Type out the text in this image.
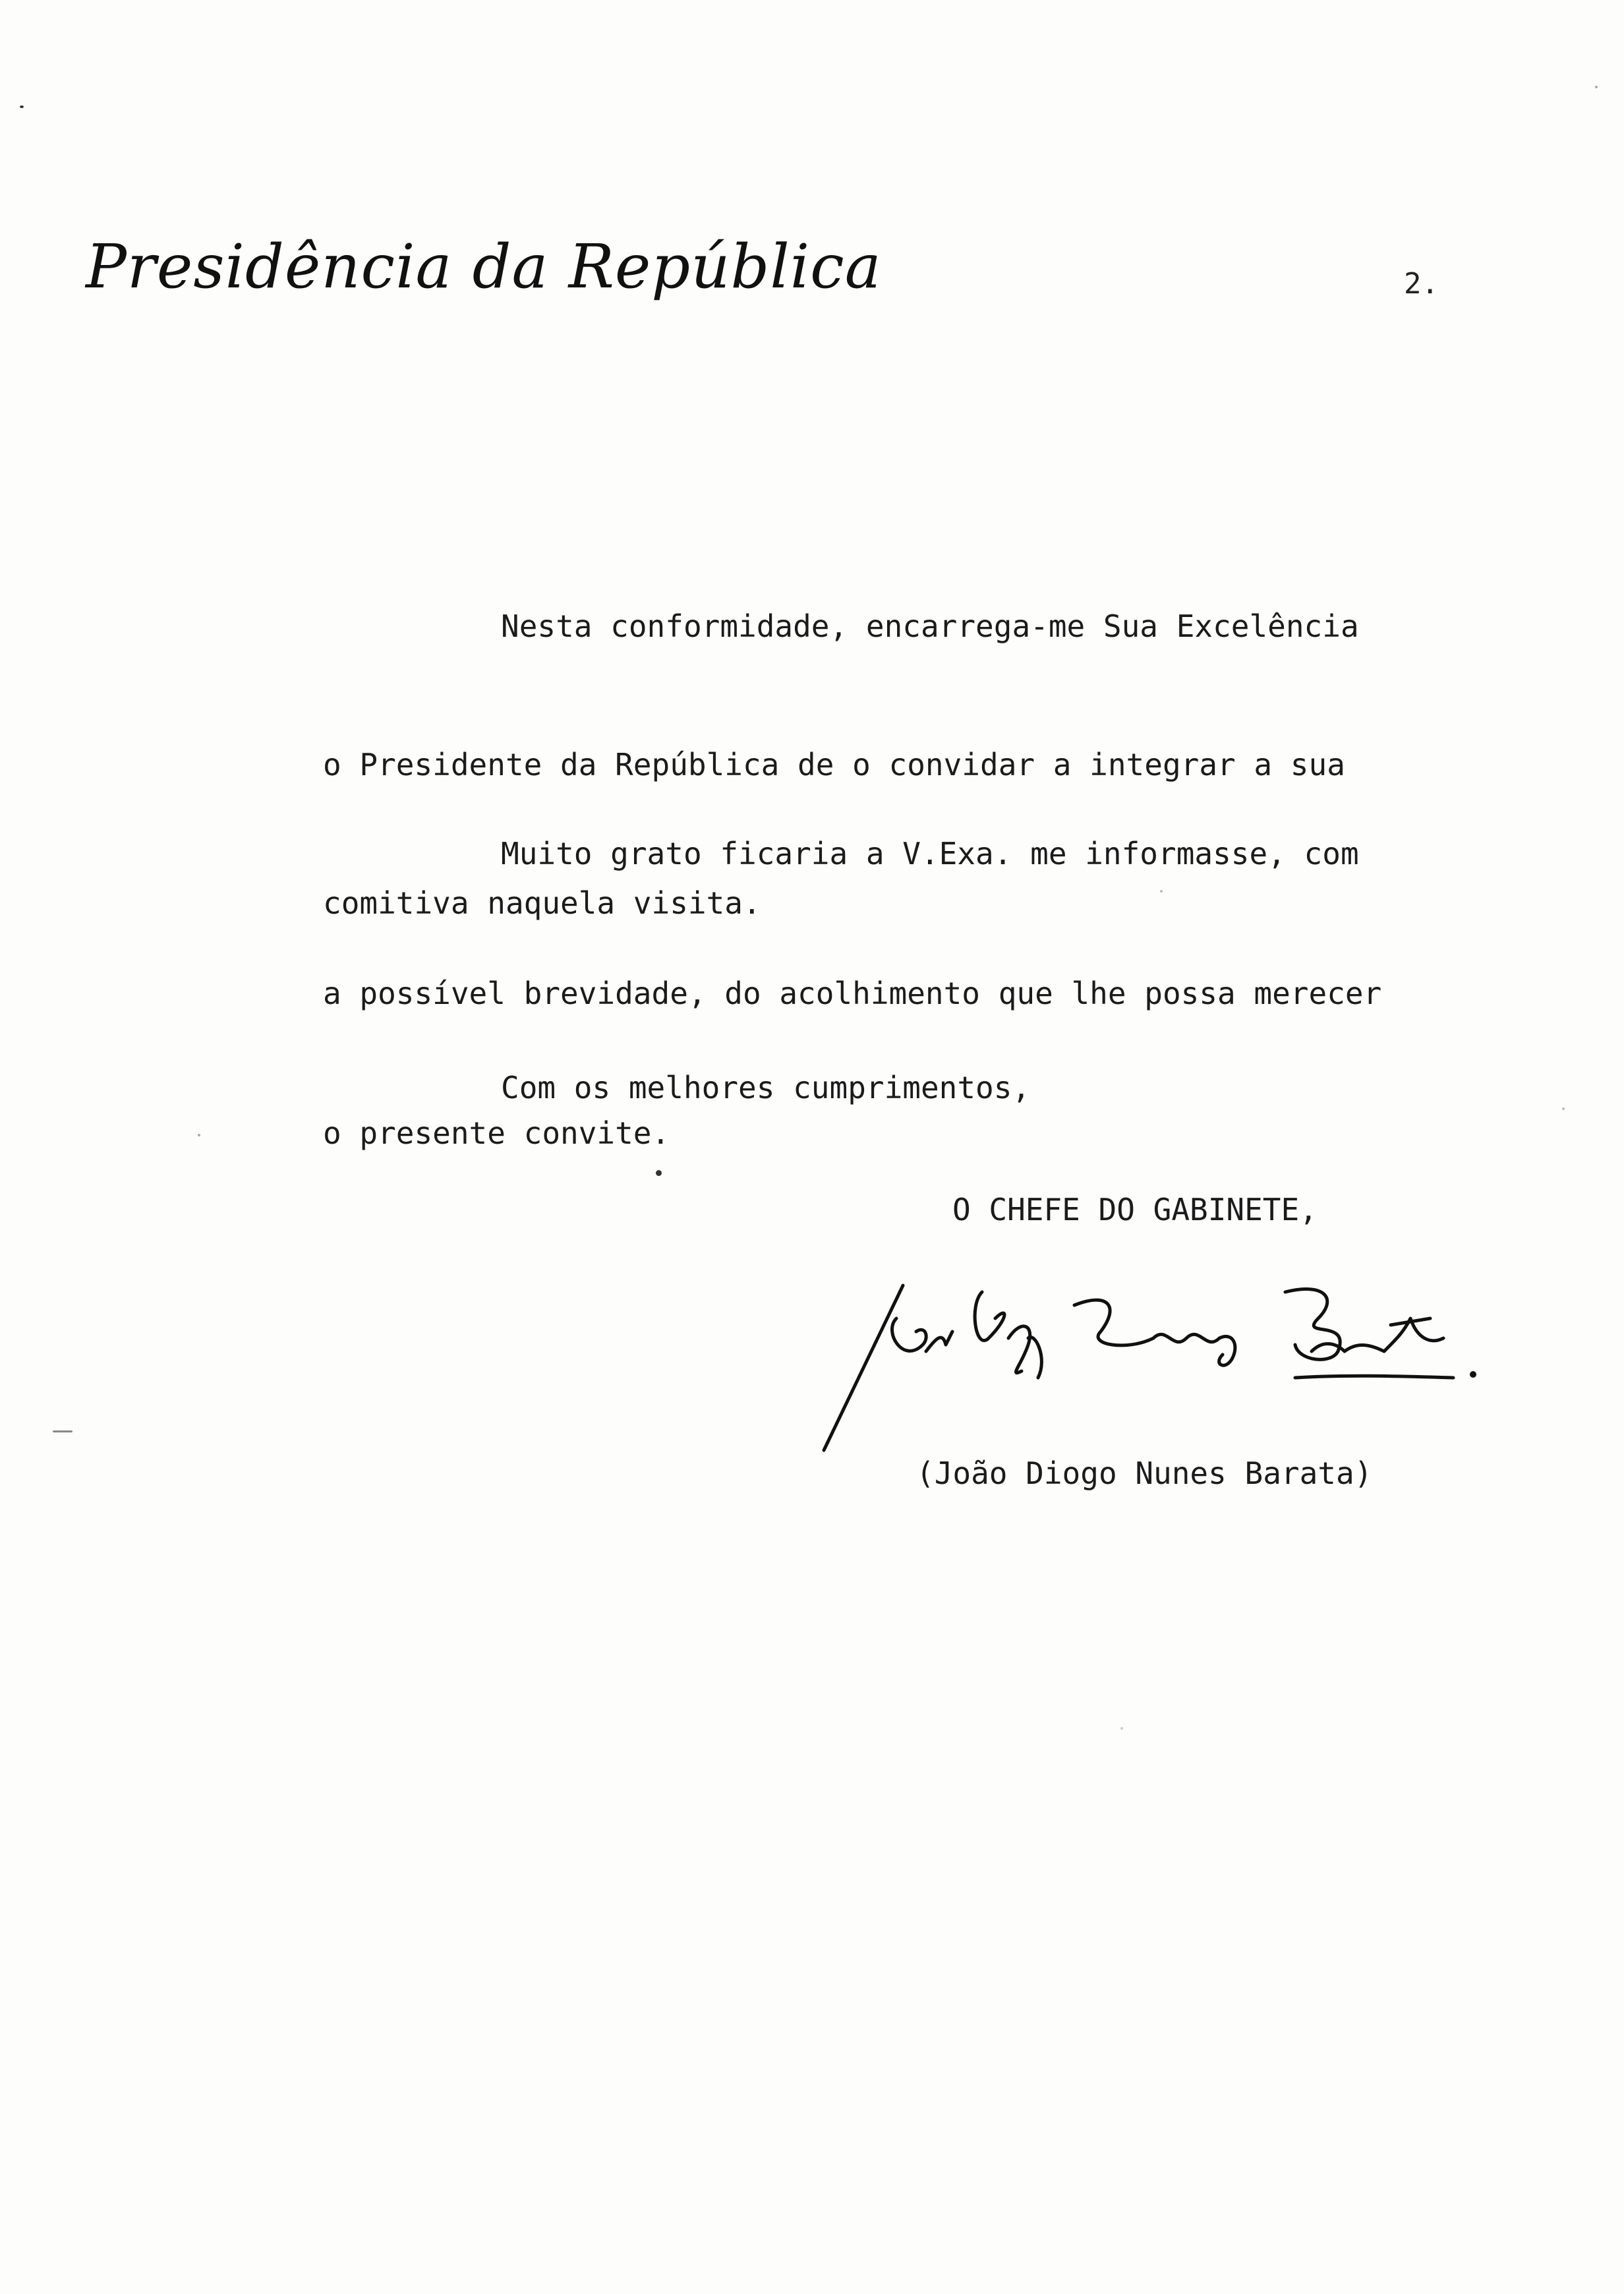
Presidência da República	2.

Nesta conformidade, encarrega-me Sua Excelência

o Presidente da República de o convidar a integrar a sua

comitiva naquela visita.

Muito grato ficaria a V.Exa. me informasse, com

a possível brevidade, do acolhimento que lhe possa merecer

o presente convite.

Com os melhores cumprimentos,

O CHEFE DO GABINETE,
João Diogo Nunes Barata
(João Diogo Nunes Barata)
